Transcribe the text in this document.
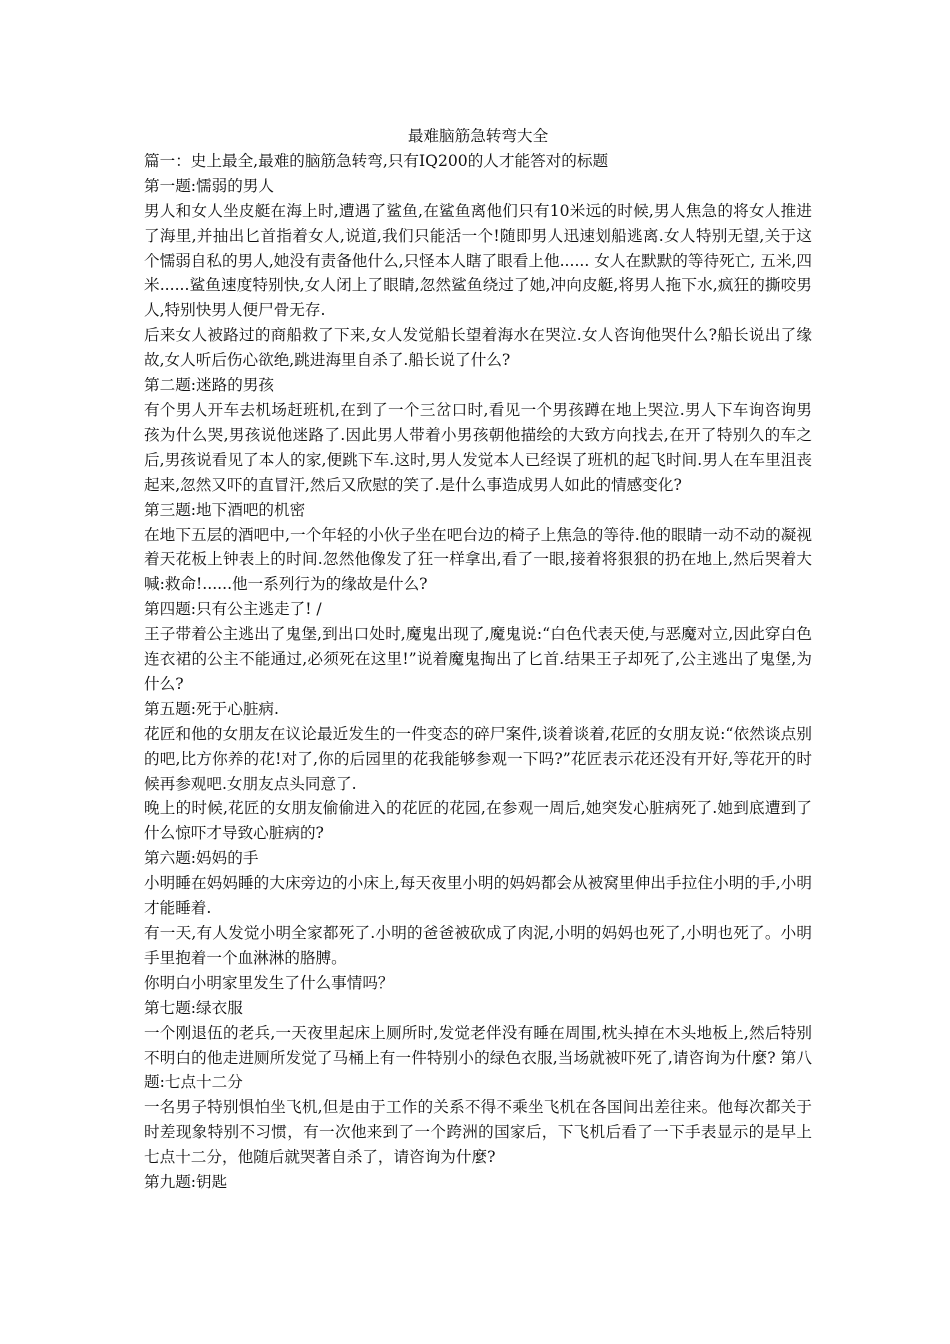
最难脑筋急转弯大全

篇一：史上最全,最难的脑筋急转弯,只有IQ200的人才能答对的标题

第一题:懦弱的男人

男人和女人坐皮艇在海上时,遭遇了鲨鱼,在鲨鱼离他们只有10米远的时候,男人焦急的将女人推进了海里,并抽出匕首指着女人,说道,我们只能活一个!随即男人迅速划船逃离.女人特别无望,关于这个懦弱自私的男人,她没有责备他什么,只怪本人瞎了眼看上他...... 女人在默默的等待死亡, 五米,四米......鲨鱼速度特别快,女人闭上了眼睛,忽然鲨鱼绕过了她,冲向皮艇,将男人拖下水,疯狂的撕咬男人,特别快男人便尸骨无存.

后来女人被路过的商船救了下来,女人发觉船长望着海水在哭泣.女人咨询他哭什么?船长说出了缘故,女人听后伤心欲绝,跳进海里自杀了.船长说了什么?

第二题:迷路的男孩

有个男人开车去机场赶班机,在到了一个三岔口时,看见一个男孩蹲在地上哭泣.男人下车询咨询男孩为什么哭,男孩说他迷路了.因此男人带着小男孩朝他描绘的大致方向找去,在开了特别久的车之后,男孩说看见了本人的家,便跳下车.这时,男人发觉本人已经误了班机的起飞时间.男人在车里沮丧起来,忽然又吓的直冒汗,然后又欣慰的笑了.是什么事造成男人如此的情感变化?

第三题:地下酒吧的机密

在地下五层的酒吧中,一个年轻的小伙子坐在吧台边的椅子上焦急的等待.他的眼睛一动不动的凝视着天花板上钟表上的时间.忽然他像发了狂一样拿出,看了一眼,接着将狠狠的扔在地上,然后哭着大喊:救命!......他一系列行为的缘故是什么?

第四题:只有公主逃走了! /

王子带着公主逃出了鬼堡,到出口处时,魔鬼出现了,魔鬼说:“白色代表天使,与恶魔对立,因此穿白色连衣裙的公主不能通过,必须死在这里!”说着魔鬼掏出了匕首.结果王子却死了,公主逃出了鬼堡,为什么?

第五题:死于心脏病.

花匠和他的女朋友在议论最近发生的一件变态的碎尸案件,谈着谈着,花匠的女朋友说:“依然谈点别的吧,比方你养的花!对了,你的后园里的花我能够参观一下吗?”花匠表示花还没有开好,等花开的时候再参观吧.女朋友点头同意了.

晚上的时候,花匠的女朋友偷偷进入的花匠的花园,在参观一周后,她突发心脏病死了.她到底遭到了什么惊吓才导致心脏病的?

第六题:妈妈的手

小明睡在妈妈睡的大床旁边的小床上,每天夜里小明的妈妈都会从被窝里伸出手拉住小明的手,小明才能睡着.

有一天,有人发觉小明全家都死了.小明的爸爸被砍成了肉泥,小明的妈妈也死了,小明也死了。小明手里抱着一个血淋淋的胳膊。

你明白小明家里发生了什么事情吗？

第七题:绿衣服

一个刚退伍的老兵,一天夜里起床上厕所时,发觉老伴没有睡在周围,枕头掉在木头地板上,然后特别不明白的他走进厕所发觉了马桶上有一件特别小的绿色衣服,当场就被吓死了,请咨询为什麼? 第八题:七点十二分

一名男子特别惧怕坐飞机,但是由于工作的关系不得不乘坐飞机在各国间出差往来。他每次都关于时差现象特别不习惯，有一次他来到了一个跨洲的国家后，下飞机后看了一下手表显示的是早上七点十二分，他随后就哭著自杀了，请咨询为什麼?

第九题:钥匙
